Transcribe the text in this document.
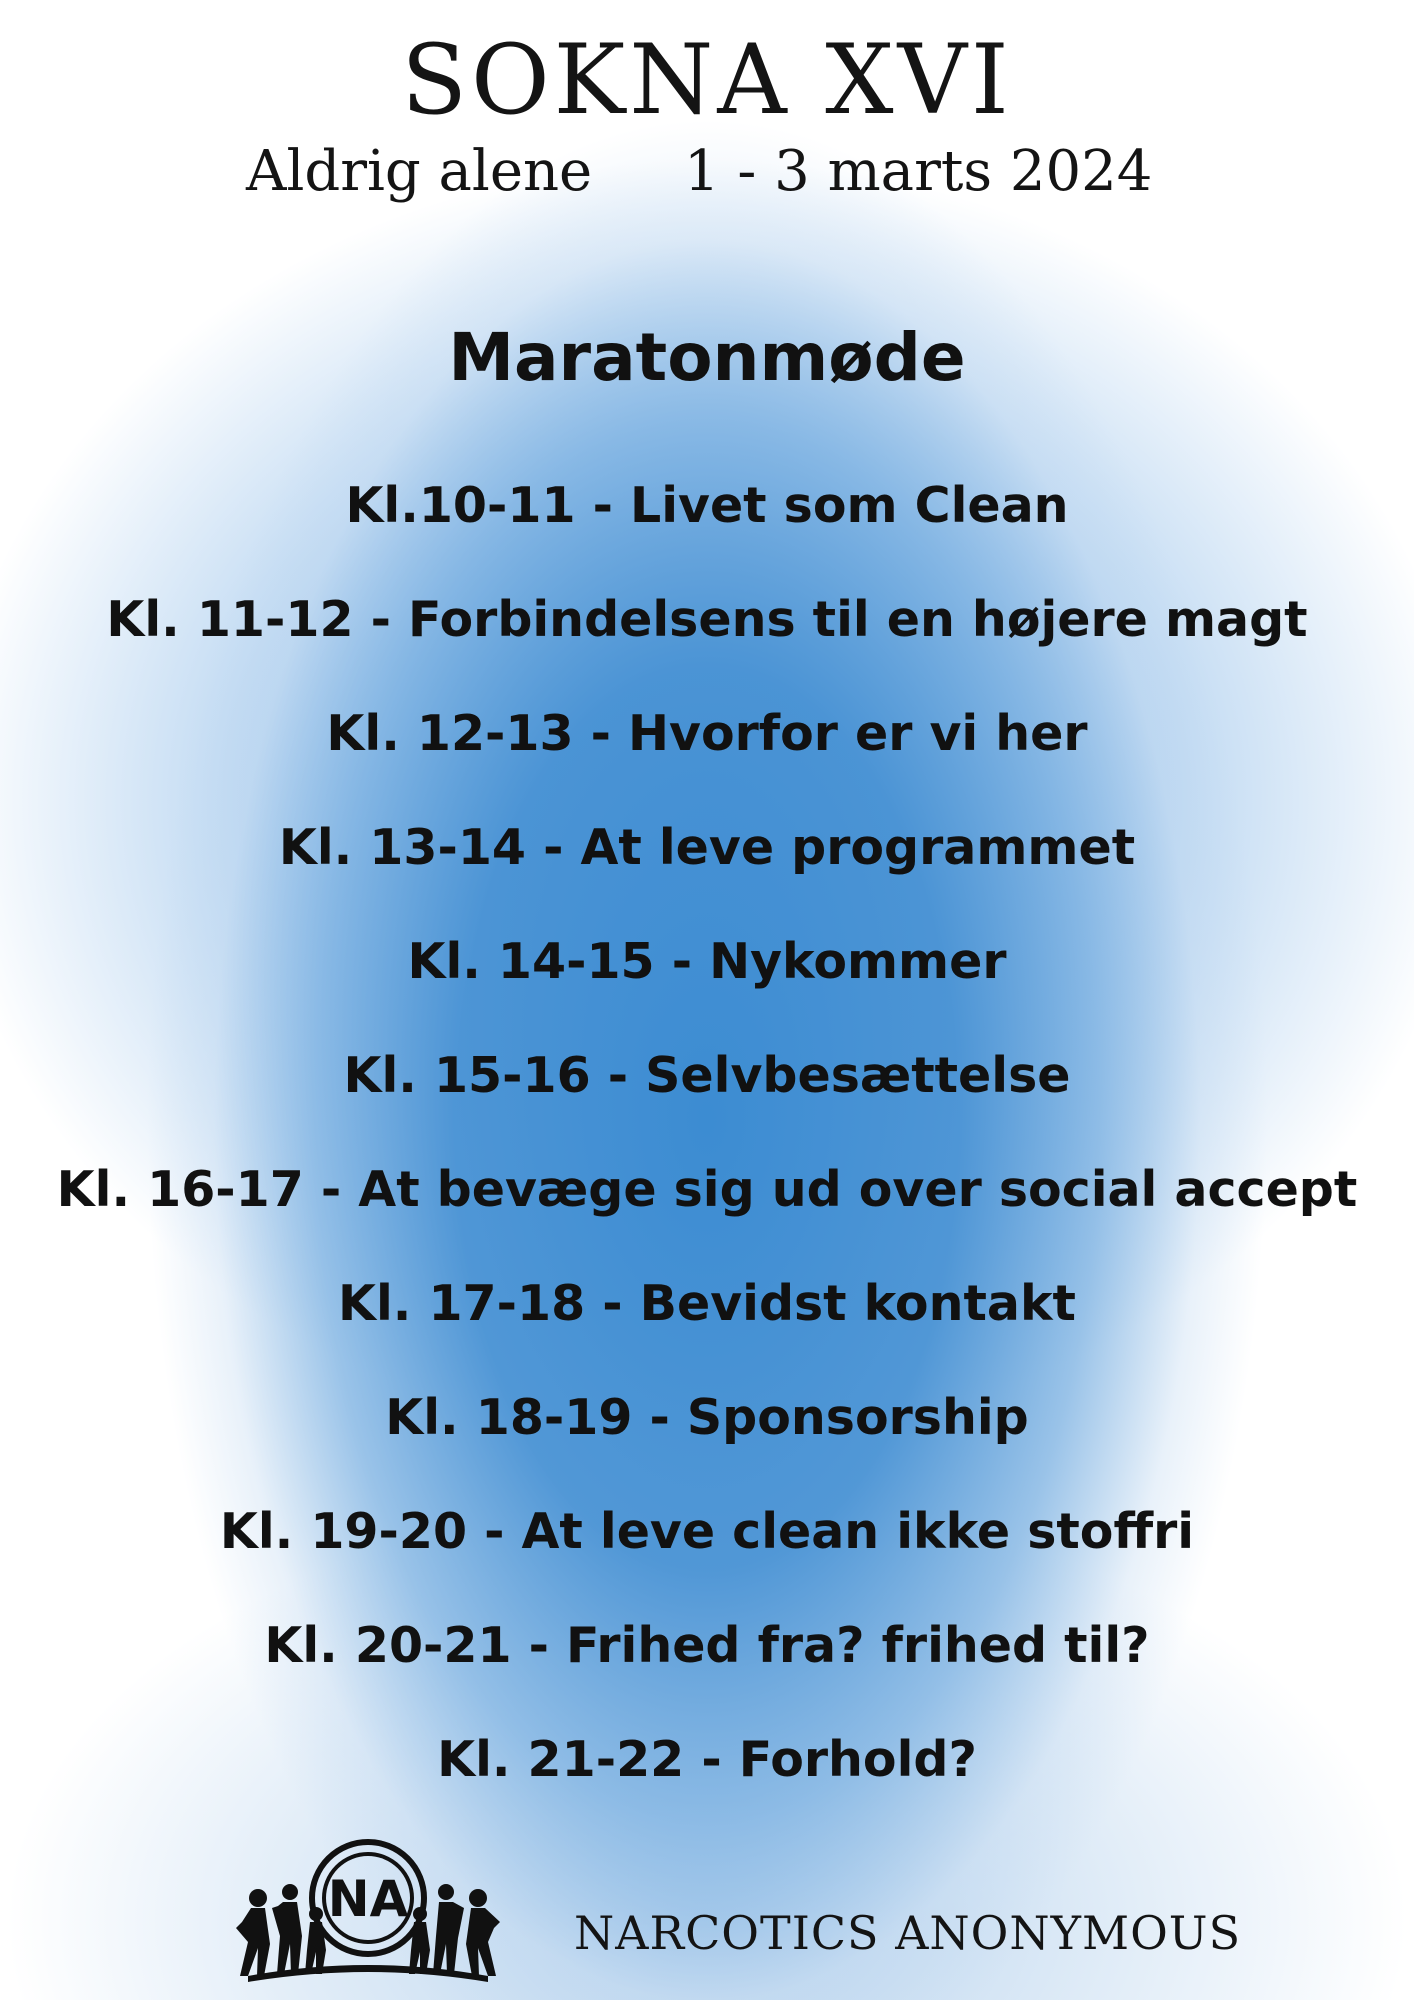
SOKNA XVI

Aldrig alene 1 - 3 marts 2024

Maratonmøde
Kl.10-11 - Livet som Clean
Kl. 11-12 - Forbindelsens til en højere magt
Kl. 12-13 - Hvorfor er vi her
Kl. 13-14 - At leve programmet
Kl. 14-15 - Nykommer
Kl. 15-16 - Selvbesættelse
Kl. 16-17 - At bevæge sig ud over social accept
Kl. 17-18 - Bevidst kontakt
Kl. 18-19 - Sponsorship
Kl. 19-20 - At leve clean ikke stoffri
Kl. 20-21 - Frihed fra? frihed til?
Kl. 21-22 - Forhold?
NA

NARCOTICS ANONYMOUS
